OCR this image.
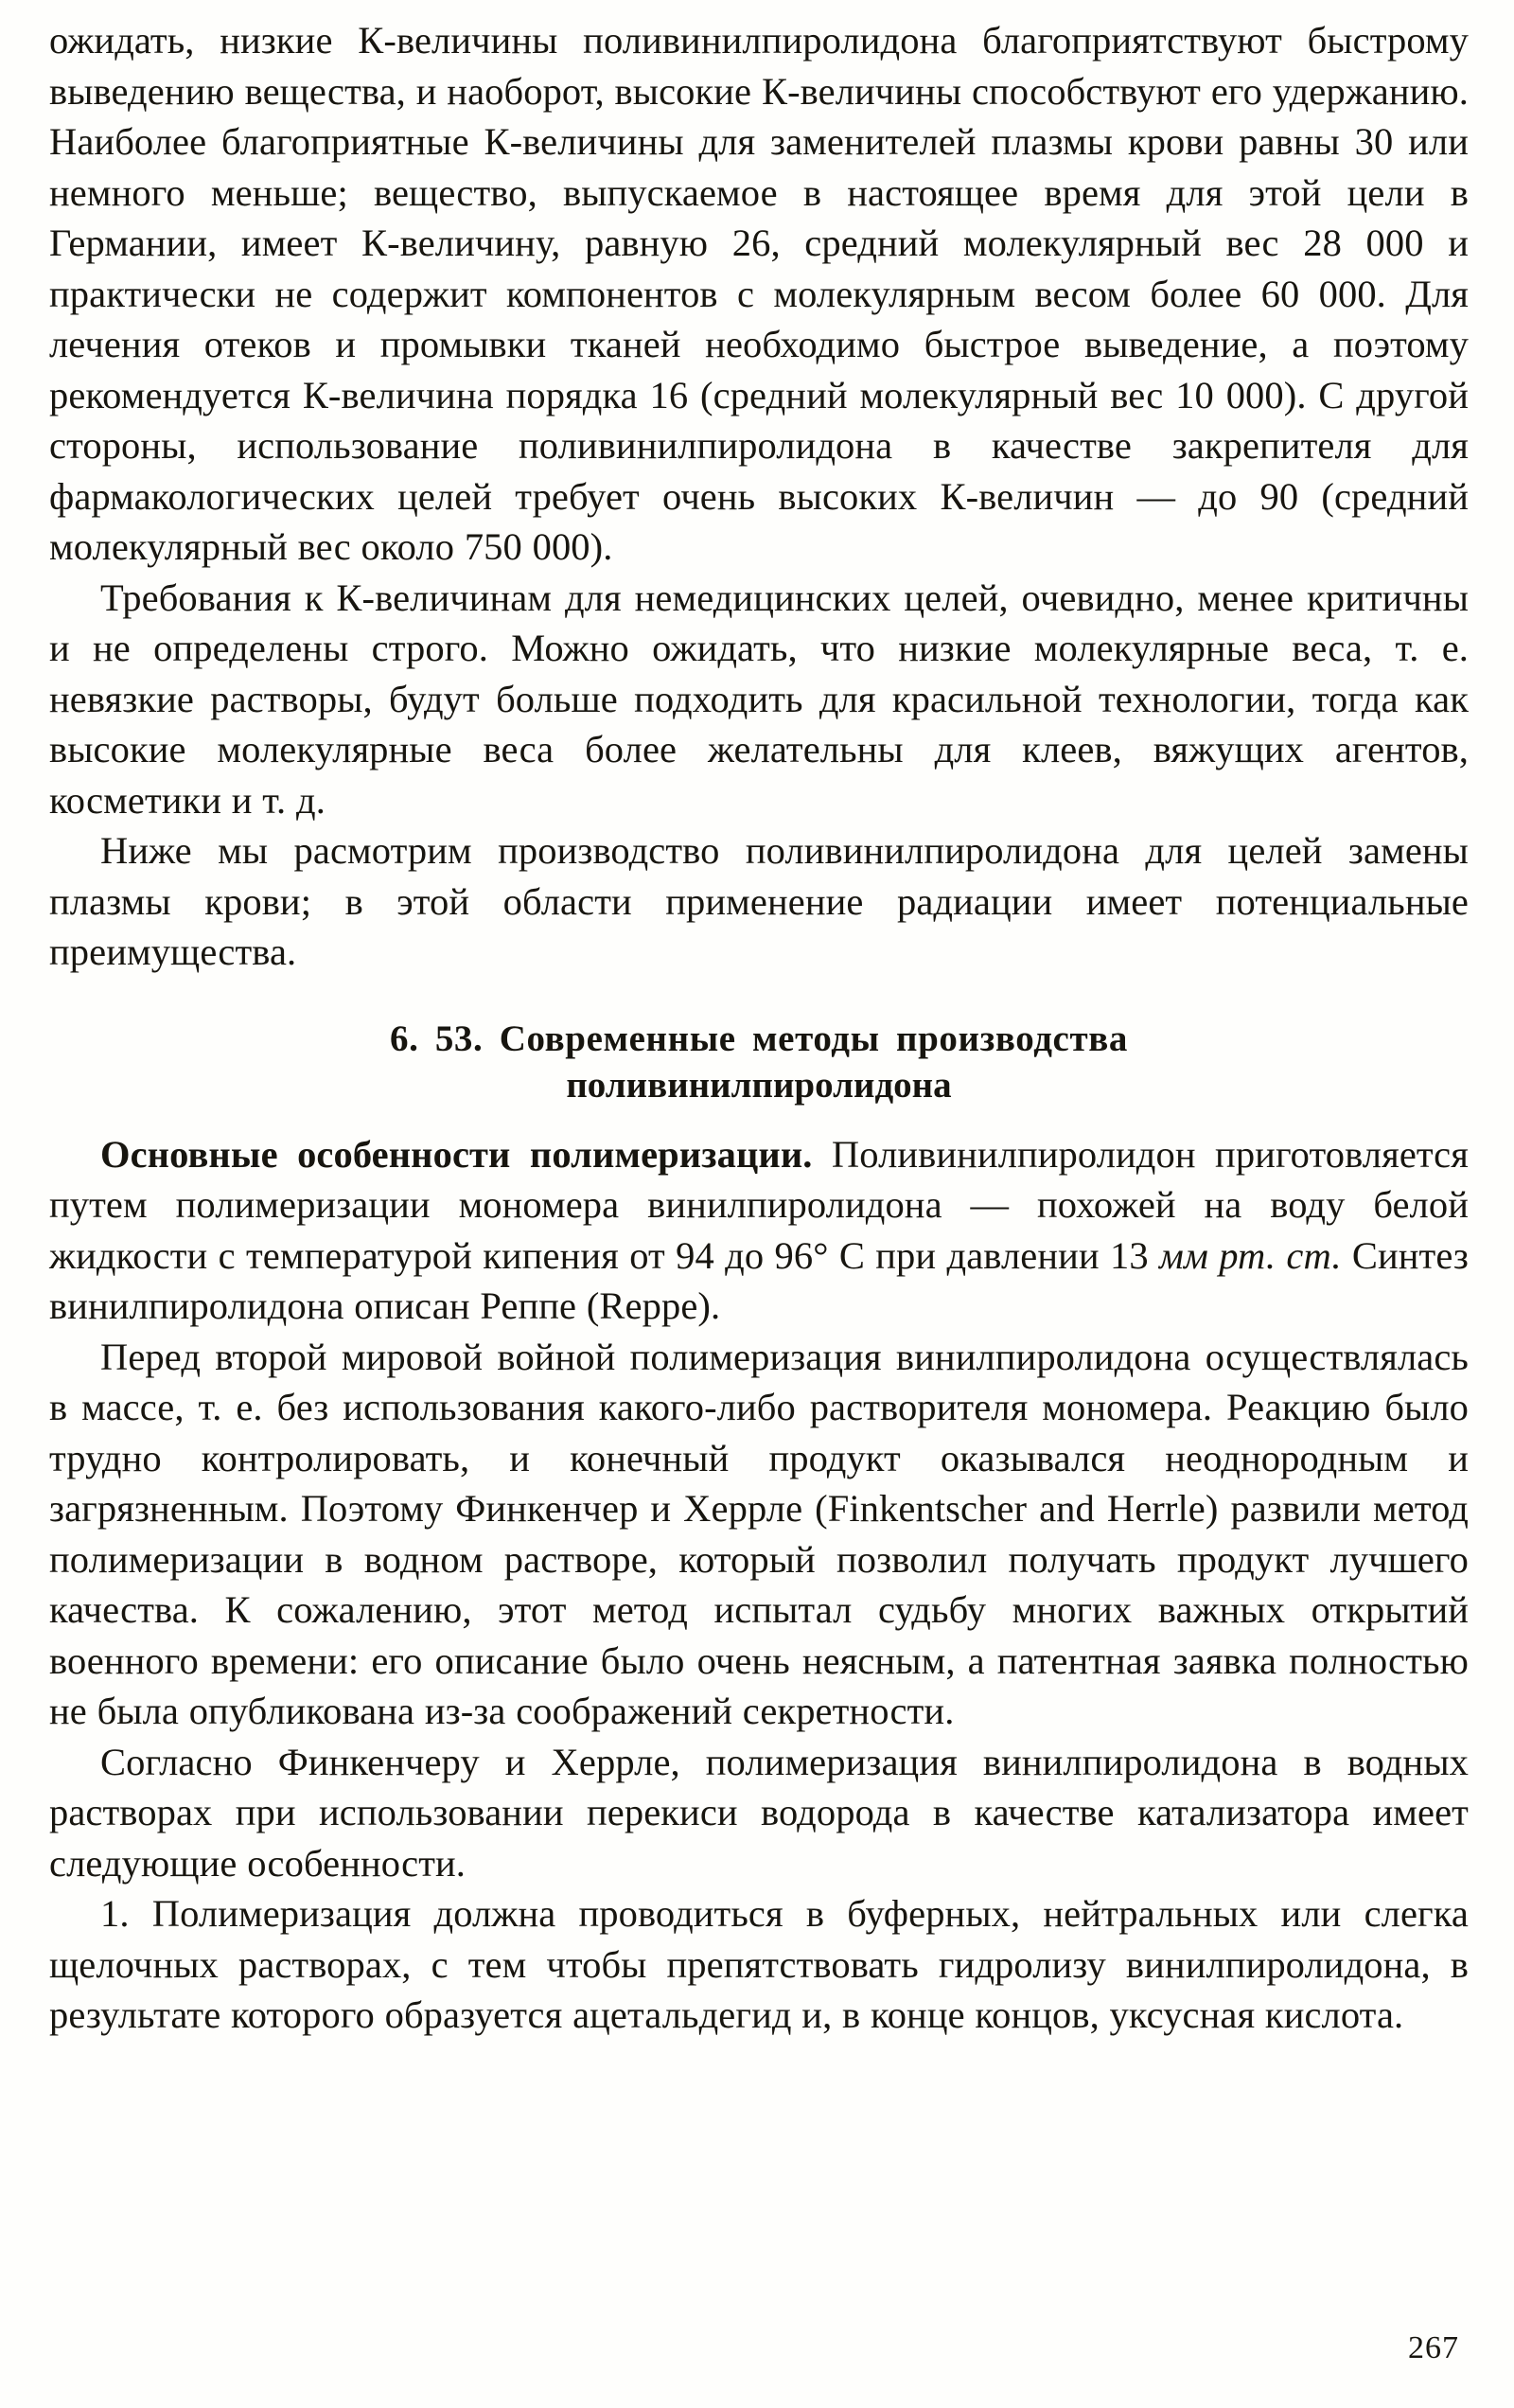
ожидать, низкие К-величины поливинилпиролидона благоприятствуют быстрому выведению вещества, и наоборот, высокие К-величины способствуют его удержанию. Наиболее благоприятные К-величины для заменителей плазмы крови равны 30 или немного меньше; вещество, выпускаемое в настоящее время для этой цели в Германии, имеет К-величину, равную 26, средний молекулярный вес 28 000 и практически не содержит компонентов с молекулярным весом более 60 000. Для лечения отеков и промывки тканей необходимо быстрое выведение, а поэтому рекомендуется К-величина порядка 16 (средний молекулярный вес 10 000). С другой стороны, использование поливинилпиролидона в качестве закрепителя для фармакологических целей требует очень высоких К-величин — до 90 (средний молекулярный вес около 750 000).

Требования к К-величинам для немедицинских целей, очевидно, менее критичны и не определены строго. Можно ожидать, что низкие молекулярные веса, т. е. невязкие растворы, будут больше подходить для красильной технологии, тогда как высокие молекулярные веса более желательны для клеев, вяжущих агентов, косметики и т. д.

Ниже мы расмотрим производство поливинилпиролидона для целей замены плазмы крови; в этой области применение радиации имеет потенциальные преимущества.

6. 53. Современные методы производства
поливинилпиролидона

Основные особенности полимеризации. Поливинилпиролидон приготовляется путем полимеризации мономера винилпиролидона — похожей на воду белой жидкости с температурой кипения от 94 до 96° С при давлении 13 мм рт. ст. Синтез винилпиролидона описан Реппе (Reppe).

Перед второй мировой войной полимеризация винилпиролидона осуществлялась в массе, т. е. без использования какого-либо растворителя мономера. Реакцию было трудно контролировать, и конечный продукт оказывался неоднородным и загрязненным. Поэтому Финкенчер и Херрле (Finkentscher and Herrle) развили метод полимеризации в водном растворе, который позволил получать продукт лучшего качества. К сожалению, этот метод испытал судьбу многих важных открытий военного времени: его описание было очень неясным, а патентная заявка полностью не была опубликована из-за соображений секретности.

Согласно Финкенчеру и Херрле, полимеризация винилпиролидона в водных растворах при использовании перекиси водорода в качестве катализатора имеет следующие особенности.

1. Полимеризация должна проводиться в буферных, нейтральных или слегка щелочных растворах, с тем чтобы препятствовать гидролизу винилпиролидона, в результате которого образуется ацетальдегид и, в конце концов, уксусная кислота.

267
